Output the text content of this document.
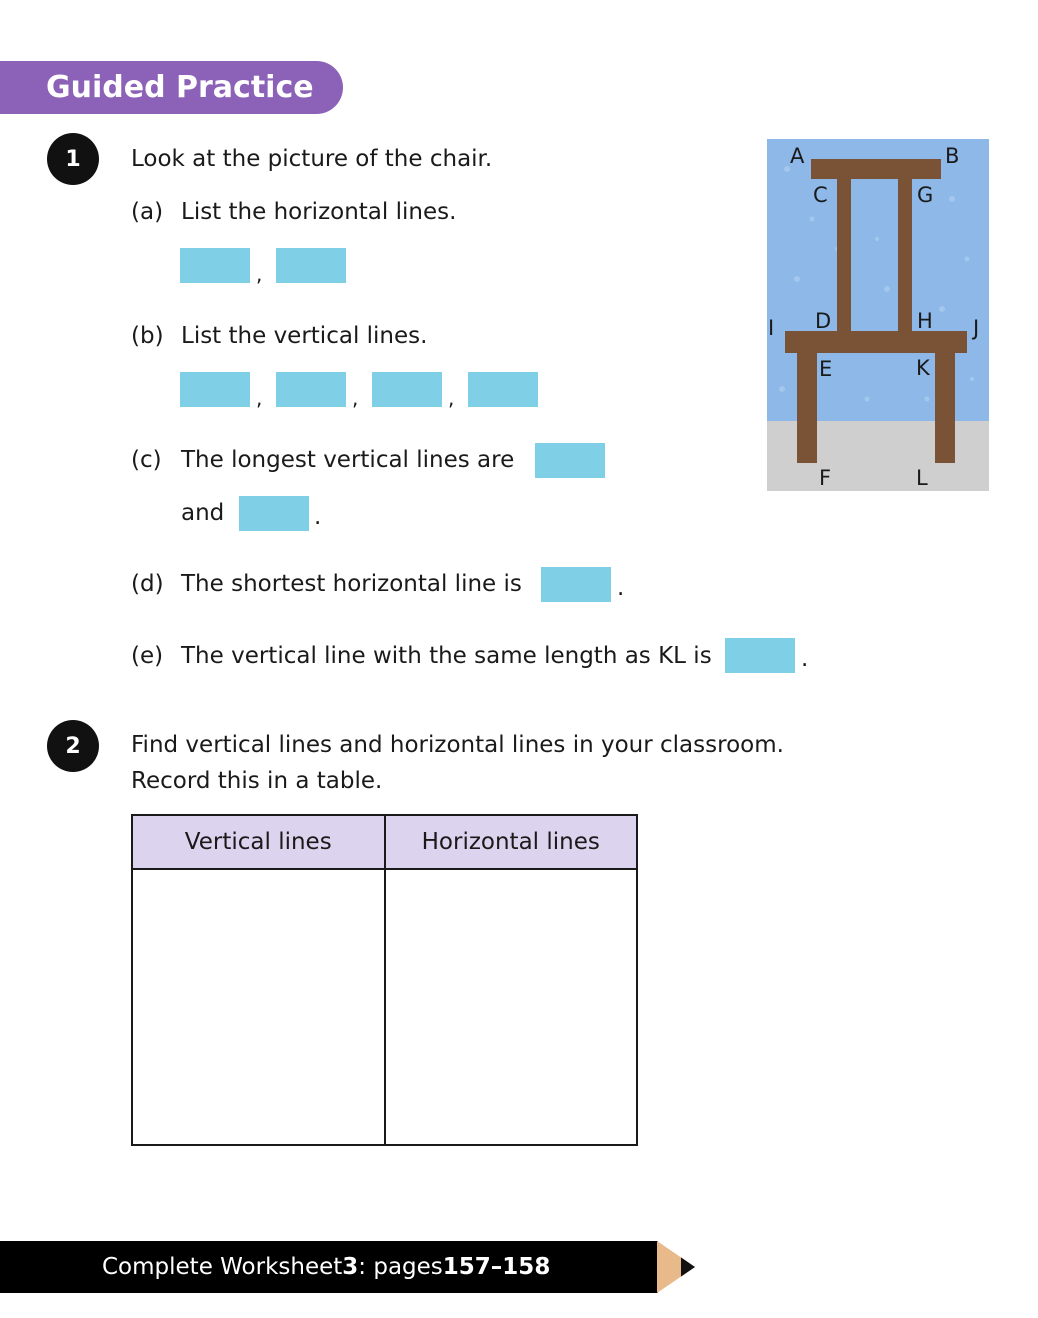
Guided Practice
1 Look at the picture of the chair.
(a) List the horizontal lines.
,
(b) List the vertical lines.
,	,	,
(c) The longest vertical lines are
and	.
(d) The shortest horizontal line is	.
(e) The vertical line with the same length as KL is	.
A	B
C	G
D	H
I	J
E	K
F	L
2 Find vertical lines and horizontal lines in your classroom.
Record this in a table.
Vertical lines	Horizontal lines

Complete Worksheet 3 : pages 157–158
